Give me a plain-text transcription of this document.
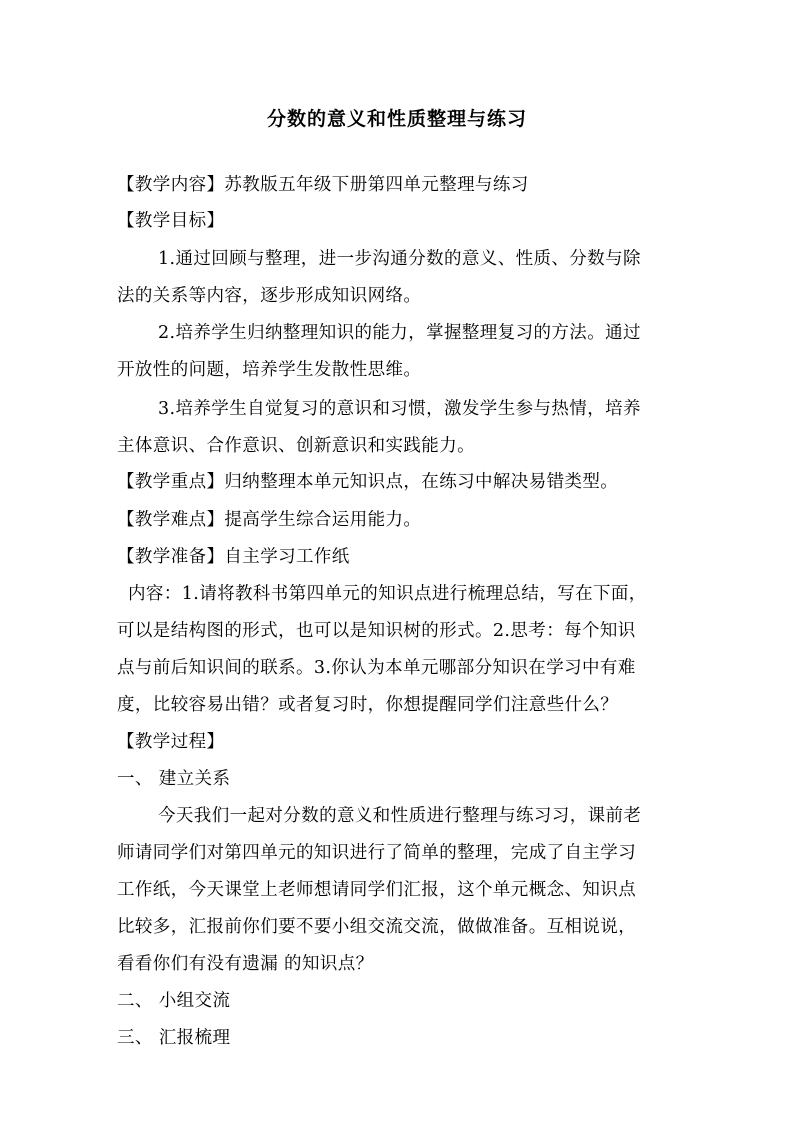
分数的意义和性质整理与练习
【教学内容】苏教版五年级下册第四单元整理与练习
【教学目标】
1.通过回顾与整理，进一步沟通分数的意义、性质、分数与除
法的关系等内容，逐步形成知识网络。
2.培养学生归纳整理知识的能力，掌握整理复习的方法。通过
开放性的问题，培养学生发散性思维。
3.培养学生自觉复习的意识和习惯，激发学生参与热情，培养
主体意识、合作意识、创新意识和实践能力。
【教学重点】归纳整理本单元知识点，在练习中解决易错类型。
【教学难点】提高学生综合运用能力。
【教学准备】自主学习工作纸
内容：1.请将教科书第四单元的知识点进行梳理总结，写在下面，
可以是结构图的形式，也可以是知识树的形式。2.思考：每个知识
点与前后知识间的联系。3.你认为本单元哪部分知识在学习中有难
度，比较容易出错？或者复习时，你想提醒同学们注意些什么？
【教学过程】
一、 建立关系
今天我们一起对分数的意义和性质进行整理与练习习，课前老
师请同学们对第四单元的知识进行了简单的整理，完成了自主学习
工作纸，今天课堂上老师想请同学们汇报，这个单元概念、知识点
比较多，汇报前你们要不要小组交流交流，做做准备。互相说说，
看看你们有没有遗漏 的知识点？
二、 小组交流
三、 汇报梳理
